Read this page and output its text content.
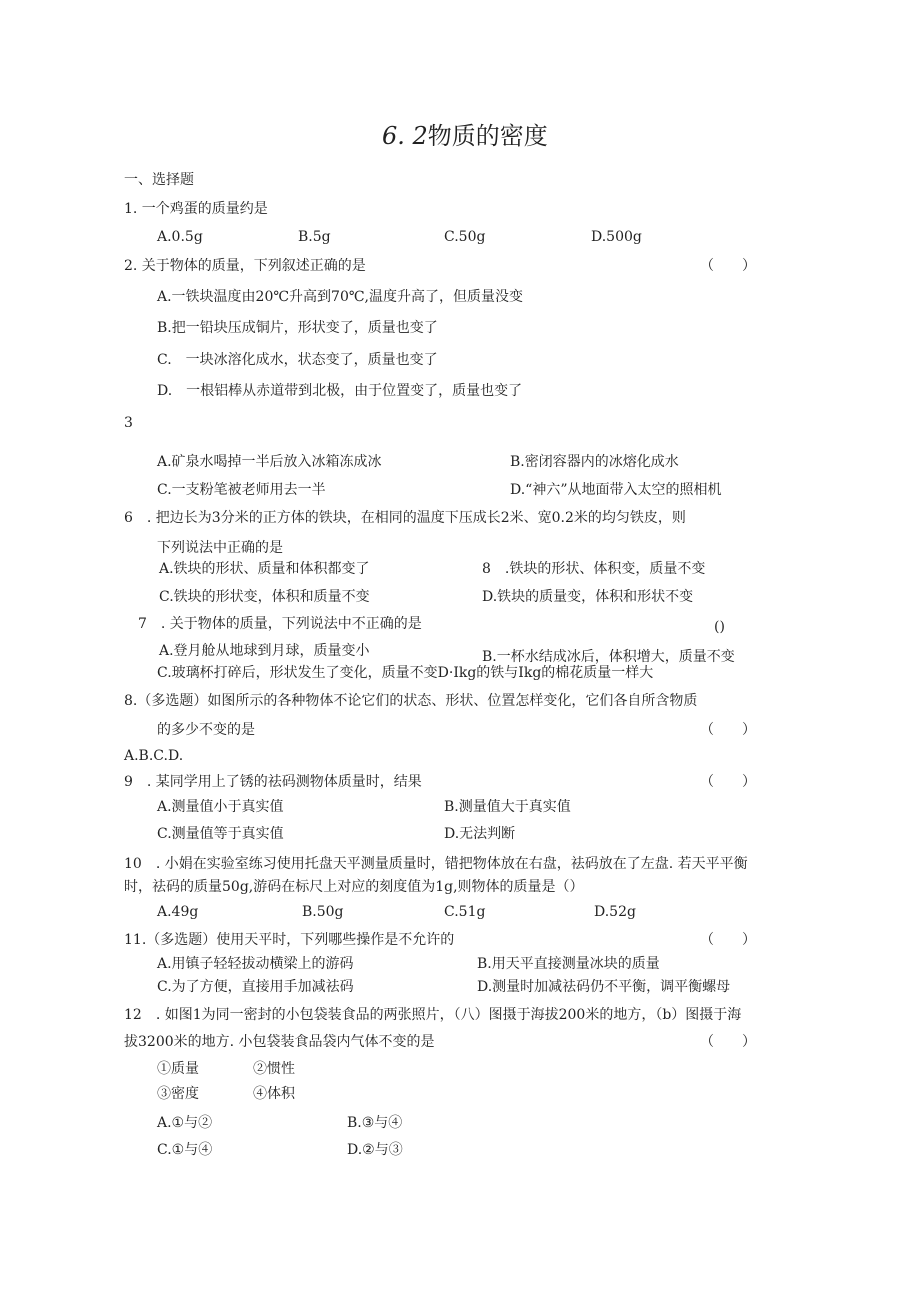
6. 2物质的密度
一、选择题
1. 一个鸡蛋的质量约是
A.0.5g	B.5g	C.50g	D.500g
2. 关于物体的质量，下列叙述正确的是	（　　）
A.一铁块温度由20℃升高到70℃,温度升高了，但质量没变
B.把一铅块压成铜片，形状变了，质量也变了
C.　一块冰溶化成水，状态变了，质量也变了
D.　一根铝棒从赤道带到北极，由于位置变了，质量也变了
3
A.矿泉水喝掉一半后放入冰箱冻成冰	B.密闭容器内的冰熔化成水
C.一支粉笔被老师用去一半	D.“神六”从地面带入太空的照相机
6　. 把边长为3分米的正方体的铁块，在相同的温度下压成长2米、宽0.2米的均匀铁皮，则
下列说法中正确的是
A.铁块的形状、质量和体积都变了	8　.铁块的形状、体积变，质量不变
C.铁块的形状变，体积和质量不变	D.铁块的质量变，体积和形状不变
7　. 关于物体的质量，下列说法中不正确的是	()
A.登月舱从地球到月球，质量变小	B.一杯水结成冰后，体积增大，质量不变
C.玻璃杯打碎后，形状发生了变化，质量不变D·Ikg的铁与Ikg的棉花质量一样大
8.（多选题）如图所示的各种物体不论它们的状态、形状、位置怎样变化，它们各自所含物质
的多少不变的是	（　　）
A.B.C.D.
9　. 某同学用上了锈的祛码测物体质量时，结果	（　　）
A.测量值小于真实值	B.测量值大于真实值
C.测量值等于真实值	D.无法判断
10　. 小娟在实验室练习使用托盘天平测量质量时，错把物体放在右盘，祛码放在了左盘. 若天平平衡
时，祛码的质量50g,游码在标尺上对应的刻度值为1g,则物体的质量是（）
A.49g	B.50g	C.51g	D.52g
11.（多选题）使用天平时，下列哪些操作是不允许的	（　　）
A.用镇子轻轻拔动横梁上的游码	B.用天平直接测量冰块的质量
C.为了方便，直接用手加减祛码	D.测量时加减祛码仍不平衡，调平衡螺母
12　. 如图1为同一密封的小包袋装食品的两张照片，（八）图摄于海拔200米的地方，（b）图摄于海
拔3200米的地方. 小包袋装食品袋内气体不变的是	（　　）
①质量	②惯性
③密度	④体积
A.①与②	B.③与④
C.①与④	D.②与③
